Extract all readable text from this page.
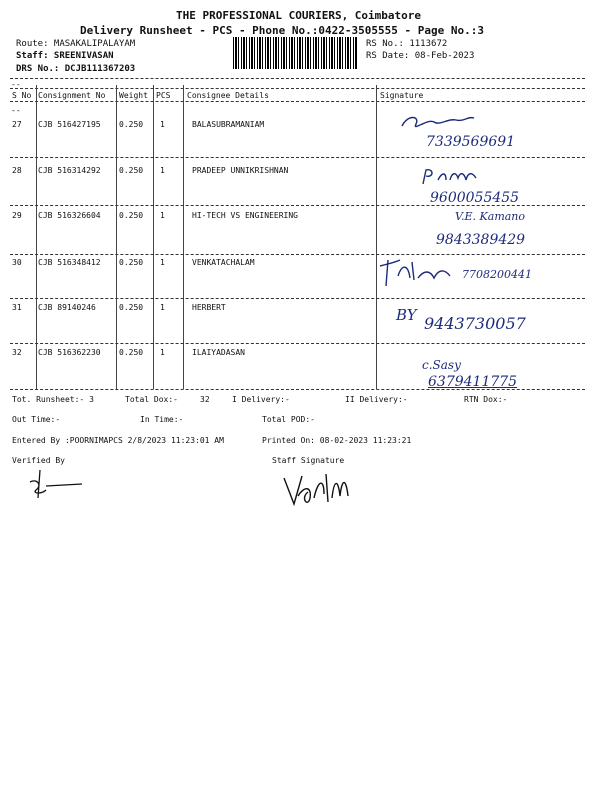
THE PROFESSIONAL COURIERS, Coimbatore
Delivery Runsheet - PCS - Phone No.:0422-3505555 - Page No.:3
Route: MASAKALIPALAYAM
Staff: SREENIVASAN
DRS No.: DCJB111367203
RS No.: 1113672
RS Date: 08-Feb-2023
--
S No Consignment No Weight PCS Consignee Details	Signature
--
27 CJB 516427195 0.250 1	BALASUBRAMANIAM
7339569691
28 CJB 516314292 0.250 1	PRADEEP UNNIKRISHNAN
9600055455
29 CJB 516326604 0.250 1	HI-TECH VS ENGINEERING	V.E. Kamano
9843389429
30 CJB 516348412 0.250 1	VENKATACHALAM
7708200441
31 CJB 89140246	0.250 1	HERBERT	BY 9443730057
32 CJB 516362230 0.250 1	ILAIYADASAN
c.Sasy
6379411775
Tot. Runsheet:- 3	Total Dox:-	32	I Delivery:-	II Delivery:-	RTN Dox:-
Out Time:-	In Time:-	Total POD:-
Entered By :POORNIMAPCS 2/8/2023 11:23:01 AM	Printed On: 08-02-2023 11:23:21
Verified By	Staff Signature
